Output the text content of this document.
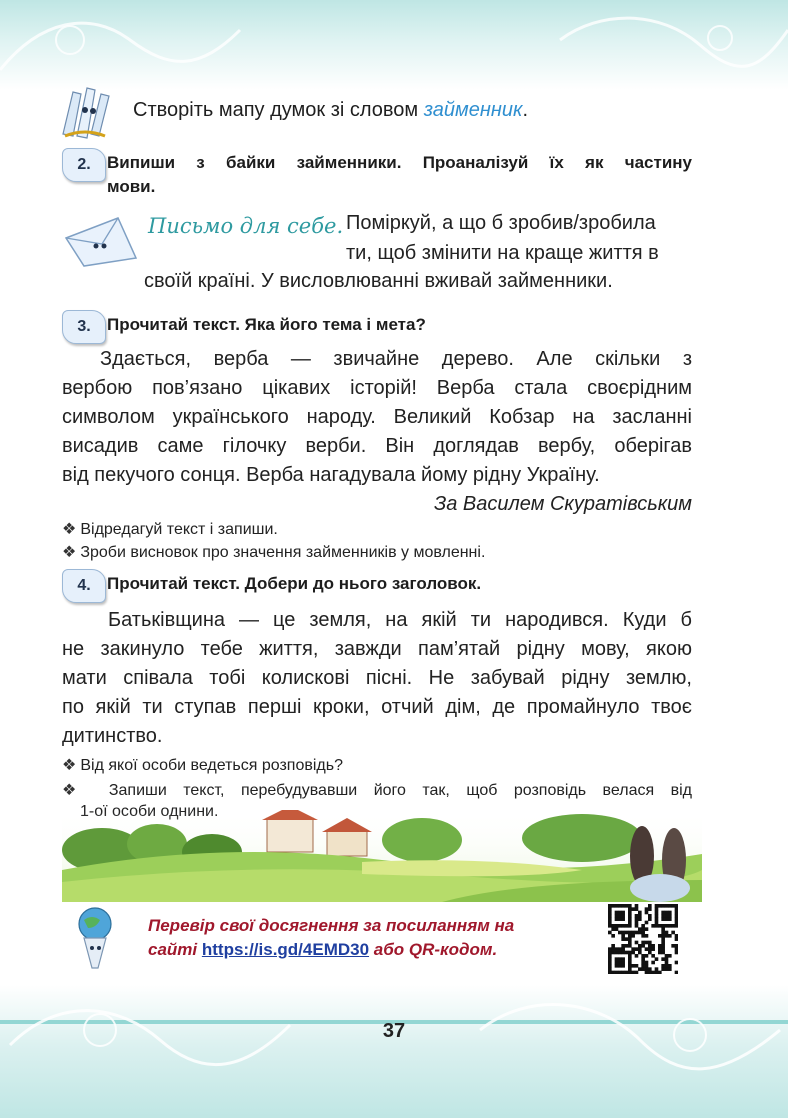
Створіть мапу думок зі словом займенник.
2. Випиши з байки займенники. Проаналізуй їх як частину
мови.
Письмо для себе. Поміркуй, а що б зробив/зробила
ти, щоб змінити на краще життя в
своїй країні. У висловлюванні вживай займенники.
3. Прочитай текст. Яка його тема і мета?
Здається, верба — звичайне дерево. Але скільки з
вербою пов’язано цікавих історій! Верба стала своєрідним
символом українського народу. Великий Кобзар на засланні
висадив саме гілочку верби. Він доглядав вербу, оберігав
від пекучого сонця. Верба нагадувала йому рідну Україну.
За Василем Скуратівським
❖ Відредагуй текст і запиши.
❖ Зроби висновок про значення займенників у мовленні.
4. Прочитай текст. Добери до нього заголовок.
Батьківщина — це земля, на якій ти народився. Куди б
не закинуло тебе життя, завжди пам’ятай рідну мову, якою
мати співала тобі колискові пісні. Не забувай рідну землю,
по якій ти ступав перші кроки, отчий дім, де промайнуло твоє
дитинство.
❖ Від якої особи ведеться розповідь?
❖ Запиши текст, перебудувавши його так, щоб розповідь велася від
Перевір свої досягнення за посиланням на
сайті https://is.gd/4EMD30 або QR-кодом.
37
